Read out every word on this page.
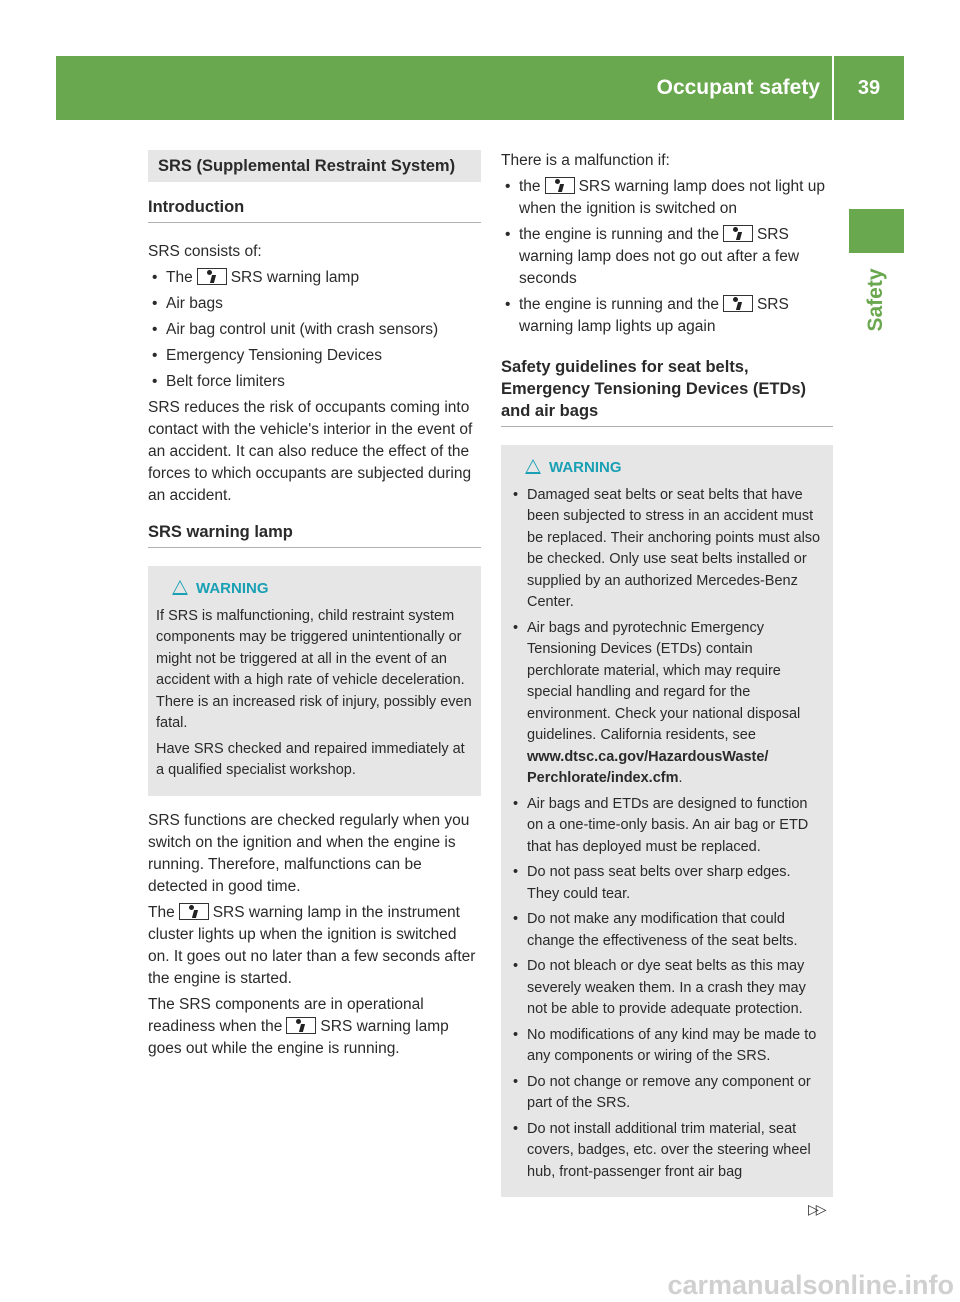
Occupant safety	39
Safety
SRS (Supplemental Restraint System)
Introduction

SRS consists of:

• The SRS warning lamp
• Air bags
• Air bag control unit (with crash sensors)
• Emergency Tensioning Devices
• Belt force limiters

SRS reduces the risk of occupants coming into contact with the vehicle's interior in the event of an accident. It can also reduce the effect of the forces to which occupants are subjected during an accident.

SRS warning lamp
WARNING

If SRS is malfunctioning, child restraint system components may be triggered unintentionally or might not be triggered at all in the event of an accident with a high rate of vehicle deceleration. There is an increased risk of injury, possibly even fatal.

Have SRS checked and repaired immediately at a qualified specialist workshop.

SRS functions are checked regularly when you switch on the ignition and when the engine is running. Therefore, malfunctions can be detected in good time.

The SRS warning lamp in the instrument cluster lights up when the ignition is switched on. It goes out no later than a few seconds after the engine is started.

The SRS components are in operational readiness when the SRS warning lamp goes out while the engine is running.

There is a malfunction if:

• the SRS warning lamp does not light up when the ignition is switched on
• the engine is running and the SRS warning lamp does not go out after a few seconds
• the engine is running and the SRS warning lamp lights up again
Safety guidelines for seat belts, Emergency Tensioning Devices (ETDs) and air bags
WARNING
• Damaged seat belts or seat belts that have been subjected to stress in an accident must be replaced. Their anchoring points must also be checked. Only use seat belts installed or supplied by an authorized Mercedes-Benz Center.
• Air bags and pyrotechnic Emergency Tensioning Devices (ETDs) contain perchlorate material, which may require special handling and regard for the environment. Check your national disposal guidelines. California residents, see www.dtsc.ca.gov/HazardousWaste/ Perchlorate/index.cfm.
• Air bags and ETDs are designed to function on a one-time-only basis. An air bag or ETD that has deployed must be replaced.
• Do not pass seat belts over sharp edges. They could tear.
• Do not make any modification that could change the effectiveness of the seat belts.
• Do not bleach or dye seat belts as this may severely weaken them. In a crash they may not be able to provide adequate protection.
• No modifications of any kind may be made to any components or wiring of the SRS.
• Do not change or remove any component or part of the SRS.
• Do not install additional trim material, seat covers, badges, etc. over the steering wheel hub, front-passenger front air bag
▷▷
carmanualsonline.info
